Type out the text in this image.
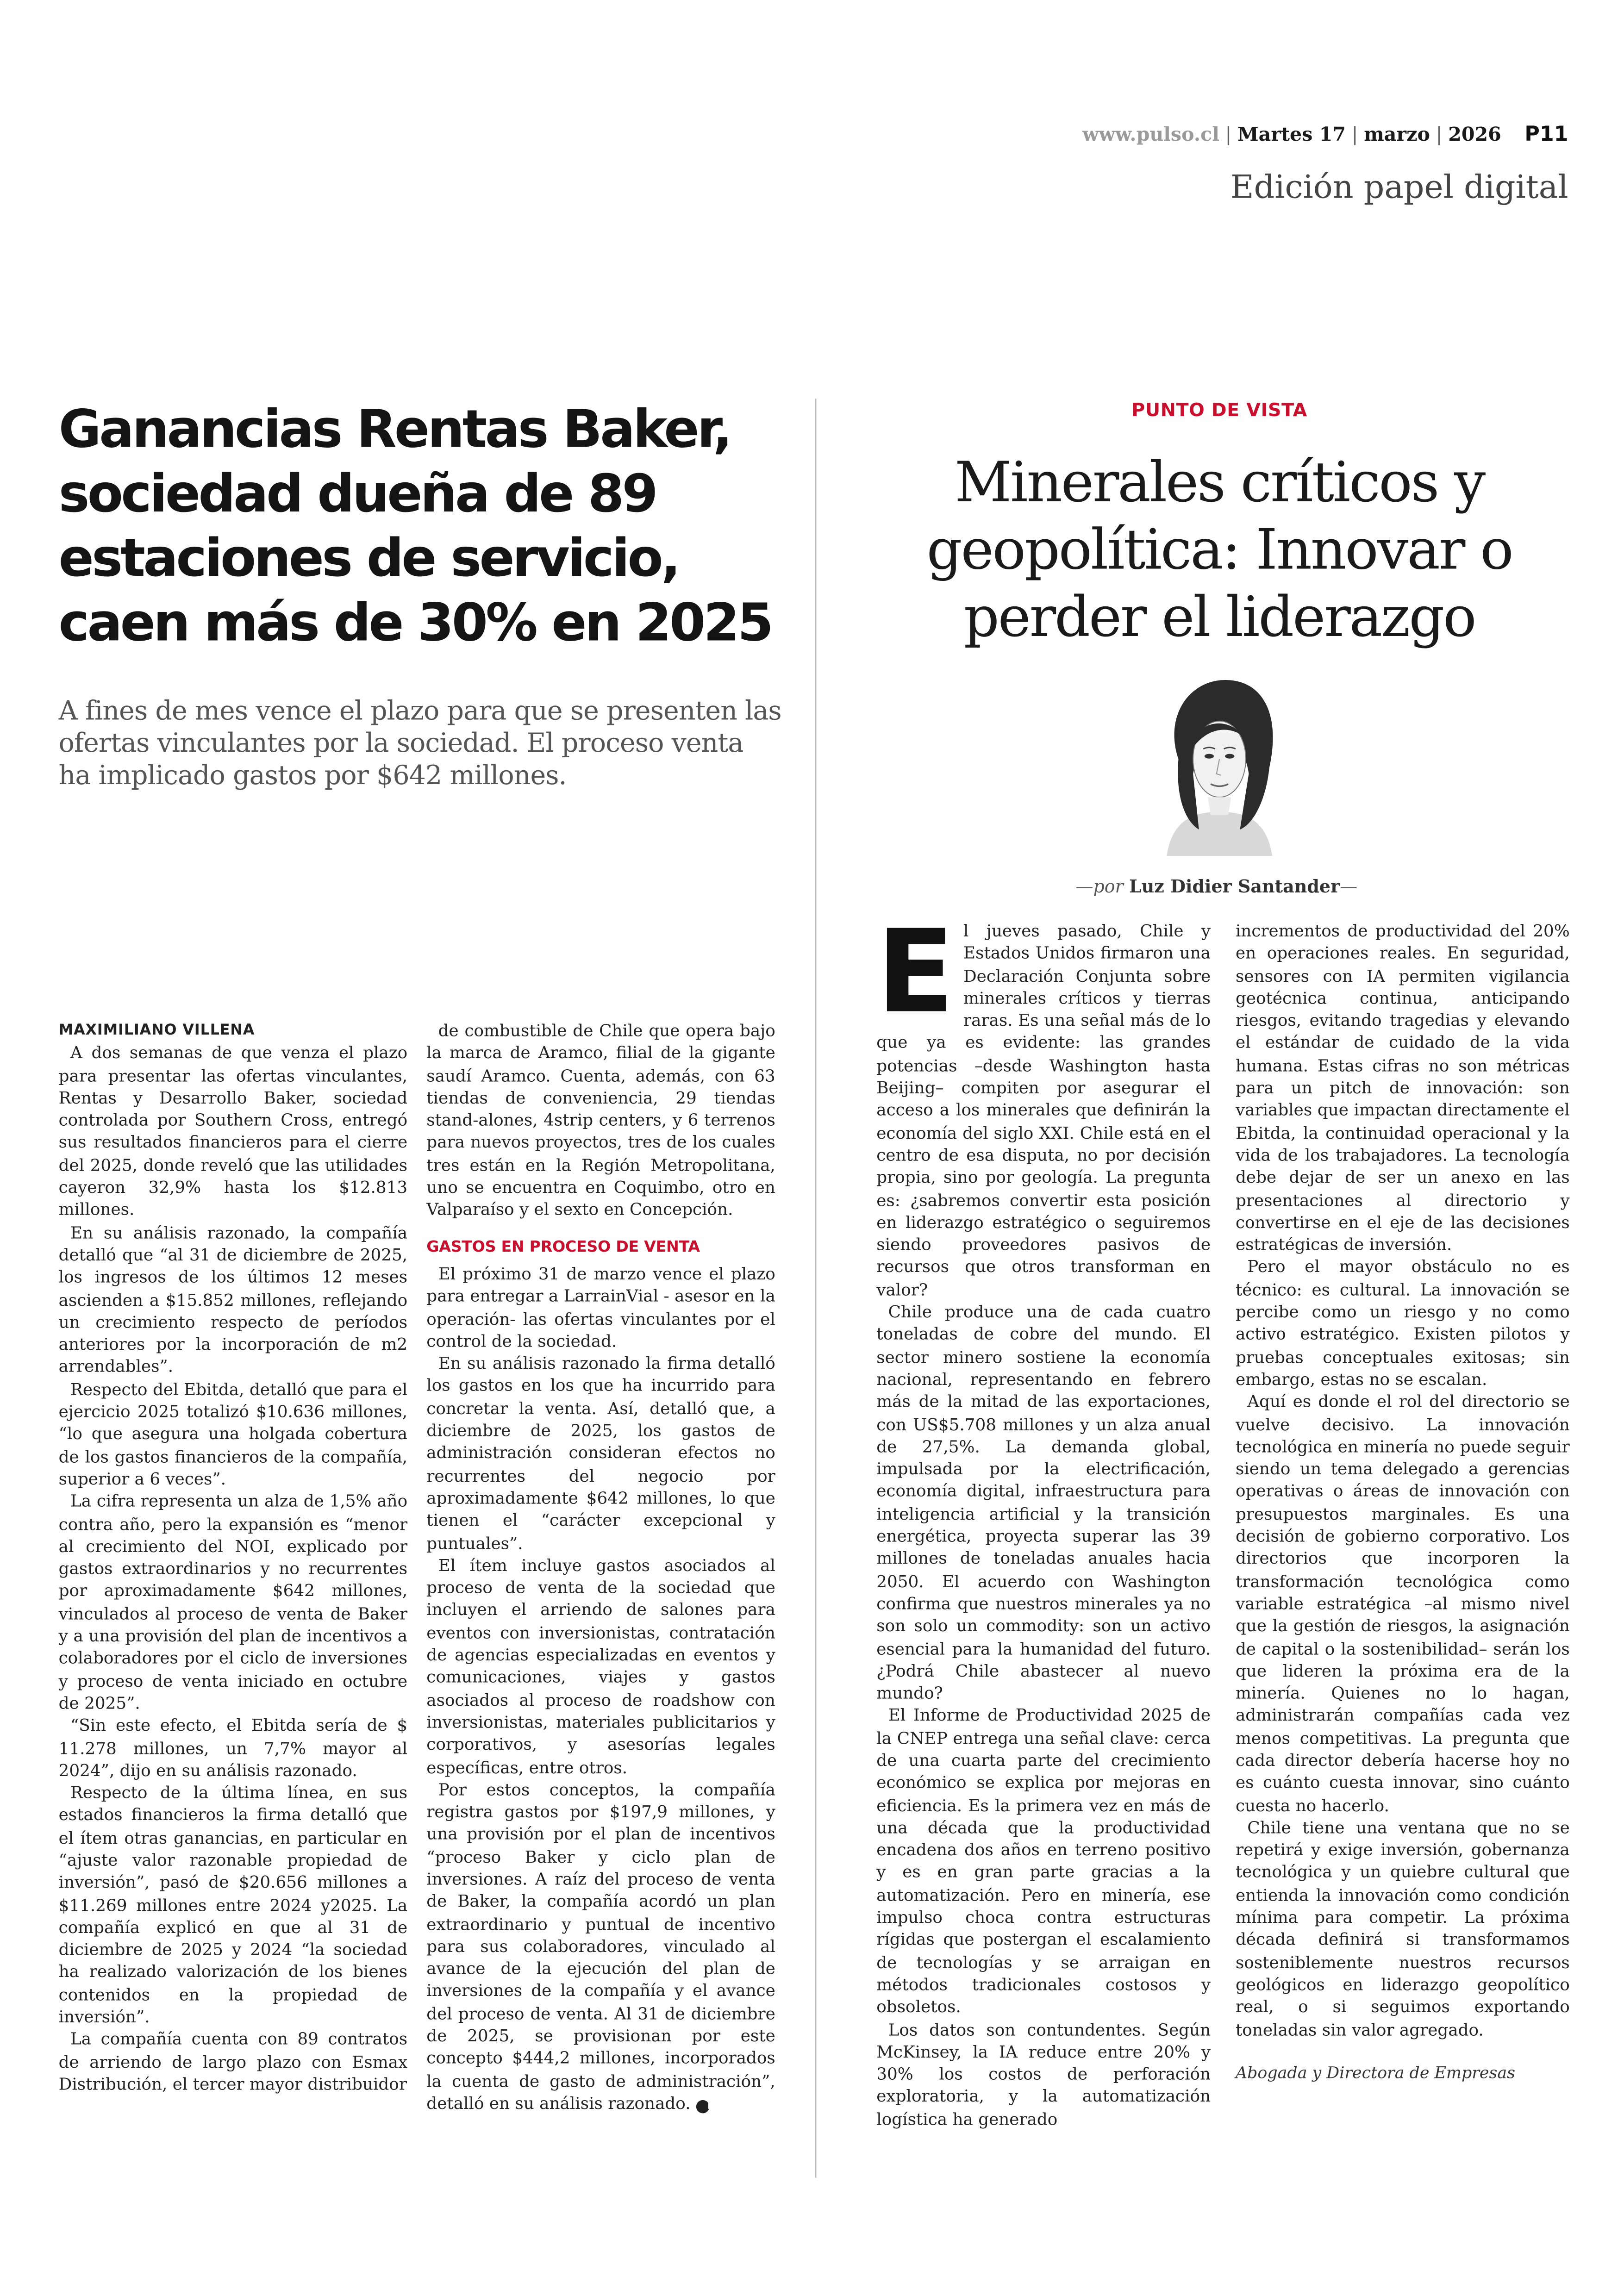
www.pulso.cl | Martes 17 | marzo | 2026	P11
Edición papel digital
Ganancias Rentas Baker,
sociedad dueña de 89
estaciones de servicio,
caen más de 30% en 2025
A fines de mes vence el plazo para que se presenten las
ofertas vinculantes por la sociedad. El proceso venta
ha implicado gastos por $642 millones.

MAXIMILIANO VILLENA

A dos semanas de que venza el plazo para presentar las ofertas vinculantes, Rentas y Desarrollo Baker, sociedad controlada por Southern Cross, entregó sus resultados financieros para el cierre del 2025, donde reveló que las utilidades cayeron 32,9% hasta los $12.813 millones.

En su análisis razonado, la compañía detalló que “al 31 de diciembre de 2025, los ingresos de los últimos 12 meses ascienden a $15.852 millones, reflejando un crecimiento respecto de períodos anteriores por la incorporación de m2 arrendables”.

Respecto del Ebitda, detalló que para el ejercicio 2025 totalizó $10.636 millones, “lo que asegura una holgada cobertura de los gastos financieros de la compañía, superior a 6 veces”.

La cifra representa un alza de 1,5% año contra año, pero la expansión es “menor al crecimiento del NOI, explicado por gastos extraordinarios y no recurrentes por aproximadamente $642 millones, vinculados al proceso de venta de Baker y a una provisión del plan de incentivos a colaboradores por el ciclo de inversiones y proceso de venta iniciado en octubre de 2025”.

“Sin este efecto, el Ebitda sería de $ 11.278 millones, un 7,7% mayor al 2024”, dijo en su análisis razonado.

Respecto de la última línea, en sus estados financieros la firma detalló que el ítem otras ganancias, en particular en “ajuste valor razonable propiedad de inversión”, pasó de $20.656 millones a $11.269 millones entre 2024 y2025. La compañía explicó en que al 31 de diciembre de 2025 y 2024 “la sociedad ha realizado valorización de los bienes contenidos en la propiedad de inversión”.

La compañía cuenta con 89 contratos de arriendo de largo plazo con Esmax Distribución, el tercer mayor distribuidor

de combustible de Chile que opera bajo la marca de Aramco, filial de la gigante saudí Aramco. Cuenta, además, con 63 tiendas de conveniencia, 29 tiendas stand-alones, 4strip centers, y 6 terrenos para nuevos proyectos, tres de los cuales tres están en la Región Metropolitana, uno se encuentra en Coquimbo, otro en Valparaíso y el sexto en Concepción.

GASTOS EN PROCESO DE VENTA

El próximo 31 de marzo vence el plazo para entregar a LarrainVial - asesor en la operación- las ofertas vinculantes por el control de la sociedad.

En su análisis razonado la firma detalló los gastos en los que ha incurrido para concretar la venta. Así, detalló que, a diciembre de 2025, los gastos de administración consideran efectos no recurrentes del negocio por aproximadamente $642 millones, lo que tienen el “carácter excepcional y puntuales”.

El ítem incluye gastos asociados al proceso de venta de la sociedad que incluyen el arriendo de salones para eventos con inversionistas, contratación de agencias especializadas en eventos y comunicaciones, viajes y gastos asociados al proceso de roadshow con inversionistas, materiales publicitarios y corporativos, y asesorías legales específicas, entre otros.

Por estos conceptos, la compañía registra gastos por $197,9 millones, y una provisión por el plan de incentivos “proceso Baker y ciclo plan de inversiones. A raíz del proceso de venta de Baker, la compañía acordó un plan extraordinario y puntual de incentivo para sus colaboradores, vinculado al avance de la ejecución del plan de inversiones de la compañía y el avance del proceso de venta. Al 31 de diciembre de 2025, se provisionan por este concepto $444,2 millones, incorporados la cuenta de gasto de administración”, detalló en su análisis razonado.	P

PUNTO DE VISTA
Minerales críticos y
geopolítica: Innovar o
perder el liderazgo
—por Luz Didier Santander—

E l jueves pasado, Chile y Estados Unidos firmaron una Declaración Conjunta sobre minerales críticos y tierras raras. Es una señal más de lo que ya es evidente: las grandes potencias –desde Washington hasta Beijing– compiten por asegurar el acceso a los minerales que definirán la economía del siglo XXI. Chile está en el centro de esa disputa, no por decisión propia, sino por geología. La pregunta es: ¿sabremos convertir esta posición en liderazgo estratégico o seguiremos siendo proveedores pasivos de recursos que otros transforman en valor?

Chile produce una de cada cuatro toneladas de cobre del mundo. El sector minero sostiene la economía nacional, representando en febrero más de la mitad de las exportaciones, con US$5.708 millones y un alza anual de 27,5%. La demanda global, impulsada por la electrificación, economía digital, infraestructura para inteligencia artificial y la transición energética, proyecta superar las 39 millones de toneladas anuales hacia 2050. El acuerdo con Washington confirma que nuestros minerales ya no son solo un commodity: son un activo esencial para la humanidad del futuro. ¿Podrá Chile abastecer al nuevo mundo?

El Informe de Productividad 2025 de la CNEP entrega una señal clave: cerca de una cuarta parte del crecimiento económico se explica por mejoras en eficiencia. Es la primera vez en más de una década que la productividad encadena dos años en terreno positivo y es en gran parte gracias a la automatización. Pero en minería, ese impulso choca contra estructuras rígidas que postergan el escalamiento de tecnologías y se arraigan en métodos tradicionales costosos y obsoletos.

Los datos son contundentes. Según McKinsey, la IA reduce entre 20% y 30% los costos de perforación exploratoria, y la automatización logística ha generado

incrementos de productividad del 20% en operaciones reales. En seguridad, sensores con IA permiten vigilancia geotécnica continua, anticipando riesgos, evitando tragedias y elevando el estándar de cuidado de la vida humana. Estas cifras no son métricas para un pitch de innovación: son variables que impactan directamente el Ebitda, la continuidad operacional y la vida de los trabajadores. La tecnología debe dejar de ser un anexo en las presentaciones al directorio y convertirse en el eje de las decisiones estratégicas de inversión.

Pero el mayor obstáculo no es técnico: es cultural. La innovación se percibe como un riesgo y no como activo estratégico. Existen pilotos y pruebas conceptuales exitosas; sin embargo, estas no se escalan.

Aquí es donde el rol del directorio se vuelve decisivo. La innovación tecnológica en minería no puede seguir siendo un tema delegado a gerencias operativas o áreas de innovación con presupuestos marginales. Es una decisión de gobierno corporativo. Los directorios que incorporen la transformación tecnológica como variable estratégica –al mismo nivel que la gestión de riesgos, la asignación de capital o la sostenibilidad– serán los que lideren la próxima era de la minería. Quienes no lo hagan, administrarán compañías cada vez menos competitivas. La pregunta que cada director debería hacerse hoy no es cuánto cuesta innovar, sino cuánto cuesta no hacerlo.

Chile tiene una ventana que no se repetirá y exige inversión, gobernanza tecnológica y un quiebre cultural que entienda la innovación como condición mínima para competir. La próxima década definirá si transformamos sosteniblemente nuestros recursos geológicos en liderazgo geopolítico real, o si seguimos exportando toneladas sin valor agregado.

Abogada y Directora de Empresas
